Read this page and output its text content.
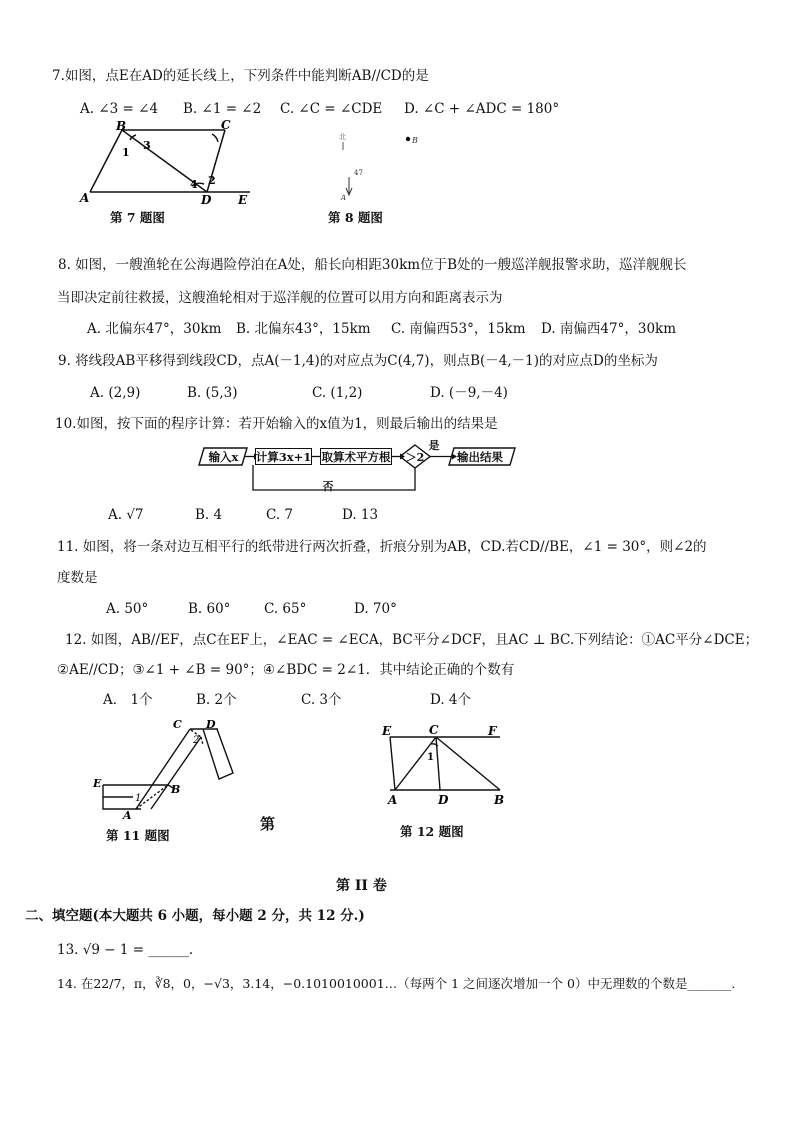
7.如图，点E在AD的延长线上，下列条件中能判断AB//CD的是
A. ∠3 = ∠4 B. ∠1 = ∠2 C. ∠C = ∠CDE D. ∠C + ∠ADC = 180°
B	C
A	D E
1
3
4 2
第 7 题图
北	B
47
A
第 8 题图
8. 如图，一艘渔轮在公海遇险停泊在A处，船长向相距30km位于B处的一艘巡洋舰报警求助，巡洋舰舰长
当即决定前往救援，这艘渔轮相对于巡洋舰的位置可以用方向和距离表示为
A. 北偏东47°，30km B. 北偏东43°，15km C. 南偏西53°，15km D. 南偏西47°，30km
9. 将线段AB平移得到线段CD，点A(－1,4)的对应点为C(4,7)，则点B(－4,－1)的对应点D的坐标为
A. (2,9)	B. (5,3)	C. (1,2)	D. (－9,－4)
10.如图，按下面的程序计算：若开始输入的x值为1，则最后输出的结果是
输入x	计算3x+1 取算术平方根	＞2
是
输出结果
否
A. √7	B. 4	C. 7	D. 13
11. 如图，将一条对边互相平行的纸带进行两次折叠，折痕分别为AB，CD.若CD//BE，∠1 = 30°，则∠2的
度数是
A. 50°	B. 60° C. 65°	D. 70°
12. 如图，AB//EF，点C在EF上，∠EAC = ∠ECA，BC平分∠DCF，且AC ⊥ BC.下列结论：①AC平分∠DCE；
②AE//CD；③∠1 + ∠B = 90°；④∠BDC = 2∠1．其中结论正确的个数有
A． 1个	B. 2个	C. 3个	D. 4个
C D
2
E	B
1
A	第
第 11 题图
E	C	F
1
A	D	B
第 12 题图
第 II 卷
二、填空题(本大题共 6 小题，每小题 2 分，共 12 分.)
13. √9 − 1 = ______.
14. 在22/7，π，∛8，0，−√3，3.14，−0.1010010001…（每两个 1 之间逐次增加一个 0）中无理数的个数是_______.
